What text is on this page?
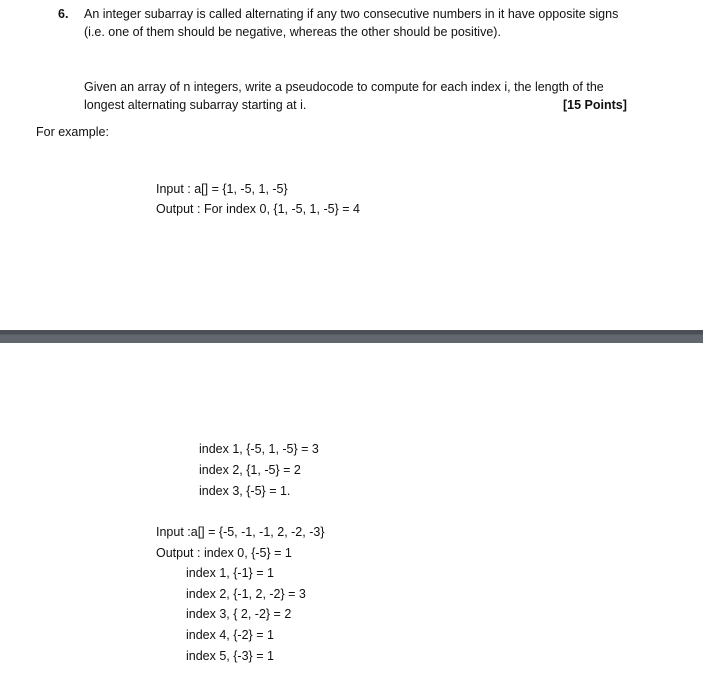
6. An integer subarray is called alternating if any two consecutive numbers in it have opposite signs
(i.e. one of them should be negative, whereas the other should be positive).
Given an array of n integers, write a pseudocode to compute for each index i, the length of the
longest alternating subarray starting at i.	[15 Points]
For example:
Input : a[] = {1, -5, 1, -5}
Output : For index 0, {1, -5, 1, -5} = 4
index 1, {-5, 1, -5} = 3
index 2, {1, -5} = 2
index 3, {-5} = 1.
Input :a[] = {-5, -1, -1, 2, -2, -3}
Output : index 0, {-5} = 1
index 1, {-1} = 1
index 2, {-1, 2, -2} = 3
index 3, { 2, -2} = 2
index 4, {-2} = 1
index 5, {-3} = 1
